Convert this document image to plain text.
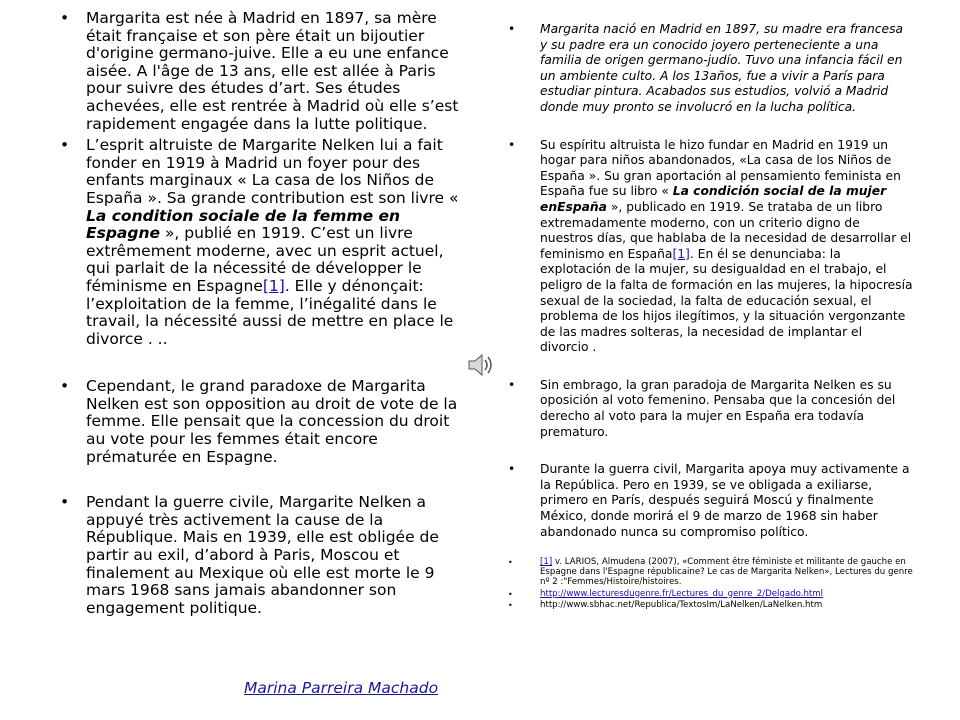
• Margarita est née à Madrid en 1897, sa mère était française et son père était un bijoutier d'origine germano-juive. Elle a eu une enfance aisée. A l'âge de 13 ans, elle est allée à Paris pour suivre des études d’art. Ses études achevées, elle est rentrée à Madrid où elle s’est rapidement engagée dans la lutte politique.
• L’esprit altruiste de Margarite Nelken lui a fait fonder en 1919 à Madrid un foyer pour des enfants marginaux « La casa de los Niños de España ». Sa grande contribution est son livre « La condition sociale de la femme en Espagne », publié en 1919. C’est un livre extrêmement moderne, avec un esprit actuel, qui parlait de la nécessité de développer le féminisme en Espagne[1]. Elle y dénonçait: l’exploitation de la femme, l’inégalité dans le travail, la nécessité aussi de mettre en place le divorce . ..
• Cependant, le grand paradoxe de Margarita Nelken est son opposition au droit de vote de la femme. Elle pensait que la concession du droit au vote pour les femmes était encore prématurée en Espagne.
• Pendant la guerre civile, Margarite Nelken a appuyé très activement la cause de la République. Mais en 1939, elle est obligée de partir au exil, d’abord à Paris, Moscou et finalement au Mexique où elle est morte le 9 mars 1968 sans jamais abandonner son engagement politique.
• Margarita nació en Madrid en 1897, su madre era francesa y su padre era un conocido joyero perteneciente a una familia de origen germano-judío. Tuvo una infancia fácil en un ambiente culto. A los 13años, fue a vivir a París para estudiar pintura. Acabados sus estudios, volvió a Madrid donde muy pronto se involucró en la lucha política.
• Su espíritu altruista le hizo fundar en Madrid en 1919 un hogar para niños abandonados, «La casa de los Niños de España ». Su gran aportación al pensamiento feminista en España fue su libro « La condición social de la mujer enEspaña », publicado en 1919. Se trataba de un libro extremadamente moderno, con un criterio digno de nuestros días, que hablaba de la necesidad de desarrollar el feminismo en España[1]. En él se denunciaba: la explotación de la mujer, su desigualdad en el trabajo, el peligro de la falta de formación en las mujeres, la hipocresía sexual de la sociedad, la falta de educación sexual, el problema de los hijos ilegítimos, y la situación vergonzante de las madres solteras, la necesidad de implantar el divorcio .
• Sin embrago, la gran paradoja de Margarita Nelken es su oposición al voto femenino. Pensaba que la concesión del derecho al voto para la mujer en España era todavía prematuro.
• Durante la guerra civil, Margarita apoya muy activamente a la República. Pero en 1939, se ve obligada a exiliarse, primero en París, después seguirá Moscú y finalmente México, donde morirá el 9 de marzo de 1968 sin haber abandonado nunca su compromiso político.
• [1] v. LARIOS, Almudena (2007), «Comment être féministe et militante de gauche en Espagne dans l'Espagne républicaine? Le cas de Margarita Nelken», Lectures du genre nº 2 :"Femmes/Histoire/histoires.
• http://www.lecturesdugenre.fr/Lectures_du_genre_2/Delgado.html
• http://www.sbhac.net/Republica/TextosIm/LaNelken/LaNelken.htm
Marina Parreira Machado
